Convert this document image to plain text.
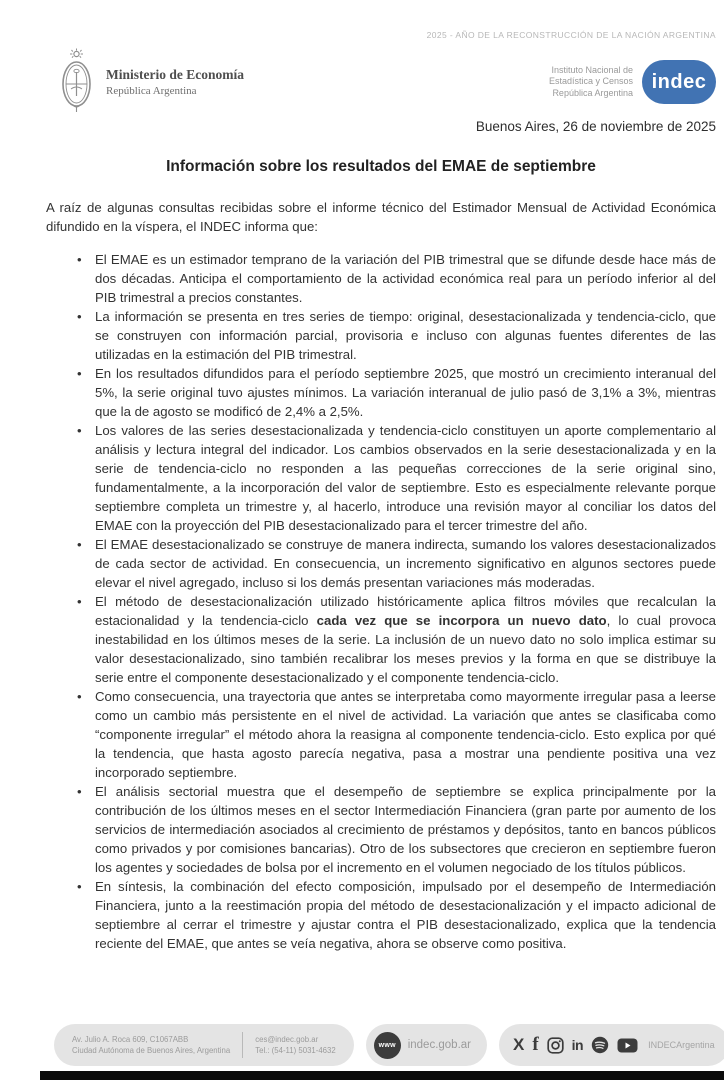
2025 - AÑO DE LA RECONSTRUCCIÓN DE LA NACIÓN ARGENTINA
Ministerio de Economía
República Argentina
Instituto Nacional de
Estadística y Censos
República Argentina
indec
Buenos Aires, 26 de noviembre de 2025
Información sobre los resultados del EMAE de septiembre

A raíz de algunas consultas recibidas sobre el informe técnico del Estimador Mensual de Actividad Económica difundido en la víspera, el INDEC informa que:

• El EMAE es un estimador temprano de la variación del PIB trimestral que se difunde desde hace más de dos décadas. Anticipa el comportamiento de la actividad económica real para un período inferior al del PIB trimestral a precios constantes.
• La información se presenta en tres series de tiempo: original, desestacionalizada y tendencia-ciclo, que se construyen con información parcial, provisoria e incluso con algunas fuentes diferentes de las utilizadas en la estimación del PIB trimestral.
• En los resultados difundidos para el período septiembre 2025, que mostró un crecimiento interanual del 5%, la serie original tuvo ajustes mínimos. La variación interanual de julio pasó de 3,1% a 3%, mientras que la de agosto se modificó de 2,4% a 2,5%.
• Los valores de las series desestacionalizada y tendencia-ciclo constituyen un aporte complementario al análisis y lectura integral del indicador. Los cambios observados en la serie desestacionalizada y en la serie de tendencia-ciclo no responden a las pequeñas correcciones de la serie original sino, fundamentalmente, a la incorporación del valor de septiembre. Esto es especialmente relevante porque septiembre completa un trimestre y, al hacerlo, introduce una revisión mayor al conciliar los datos del EMAE con la proyección del PIB desestacionalizado para el tercer trimestre del año.
• El EMAE desestacionalizado se construye de manera indirecta, sumando los valores desestacionalizados de cada sector de actividad. En consecuencia, un incremento significativo en algunos sectores puede elevar el nivel agregado, incluso si los demás presentan variaciones más moderadas.
• El método de desestacionalización utilizado históricamente aplica filtros móviles que recalculan la estacionalidad y la tendencia-ciclo cada vez que se incorpora un nuevo dato, lo cual provoca inestabilidad en los últimos meses de la serie. La inclusión de un nuevo dato no solo implica estimar su valor desestacionalizado, sino también recalibrar los meses previos y la forma en que se distribuye la serie entre el componente desestacionalizado y el componente tendencia-ciclo.
• Como consecuencia, una trayectoria que antes se interpretaba como mayormente irregular pasa a leerse como un cambio más persistente en el nivel de actividad. La variación que antes se clasificaba como “componente irregular” el método ahora la reasigna al componente tendencia-ciclo. Esto explica por qué la tendencia, que hasta agosto parecía negativa, pasa a mostrar una pendiente positiva una vez incorporado septiembre.
• El análisis sectorial muestra que el desempeño de septiembre se explica principalmente por la contribución de los últimos meses en el sector Intermediación Financiera (gran parte por aumento de los servicios de intermediación asociados al crecimiento de préstamos y depósitos, tanto en bancos públicos como privados y por comisiones bancarias). Otro de los subsectores que crecieron en septiembre fueron los agentes y sociedades de bolsa por el incremento en el volumen negociado de los títulos públicos.
• En síntesis, la combinación del efecto composición, impulsado por el desempeño de Intermediación Financiera, junto a la reestimación propia del método de desestacionalización y el impacto adicional de septiembre al cerrar el trimestre y ajustar contra el PIB desestacionalizado, explica que la tendencia reciente del EMAE, que antes se veía negativa, ahora se observe como positiva.
Av. Julio A. Roca 609, C1067ABB
Ciudad Autónoma de Buenos Aires, Argentina
ces@indec.gob.ar
Tel.: (54-11) 5031-4632
www	indec.gob.ar X f in	INDECArgentina
